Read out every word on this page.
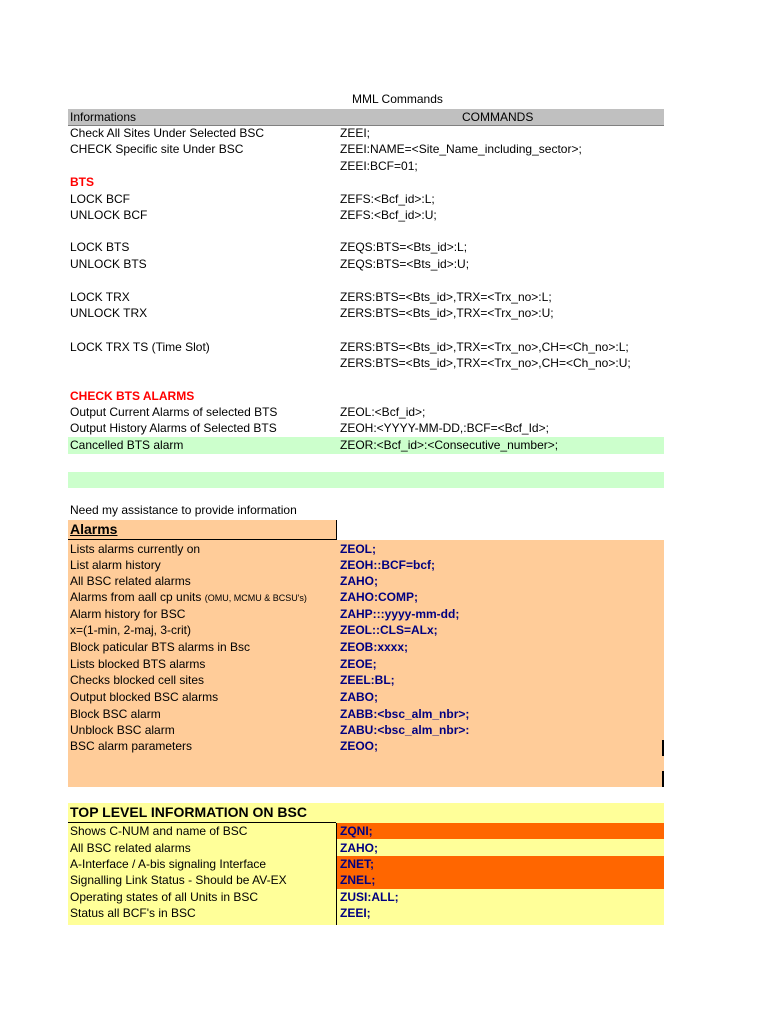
MML Commands
Informations	COMMANDS
Check All Sites Under Selected BSC	ZEEI;
CHECK Specific site Under BSC	ZEEI:NAME=<Site_Name_including_sector>;
ZEEI:BCF=01;
BTS
LOCK BCF	ZEFS:<Bcf_id>:L;
UNLOCK BCF	ZEFS:<Bcf_id>:U;
LOCK BTS	ZEQS:BTS=<Bts_id>:L;
UNLOCK BTS	ZEQS:BTS=<Bts_id>:U;
LOCK TRX	ZERS:BTS=<Bts_id>,TRX=<Trx_no>:L;
UNLOCK TRX	ZERS:BTS=<Bts_id>,TRX=<Trx_no>:U;
LOCK TRX TS (Time Slot)	ZERS:BTS=<Bts_id>,TRX=<Trx_no>,CH=<Ch_no>:L;
ZERS:BTS=<Bts_id>,TRX=<Trx_no>,CH=<Ch_no>:U;
CHECK BTS ALARMS
Output Current Alarms of selected BTS	ZEOL:<Bcf_id>;
Output History Alarms of Selected BTS	ZEOH:<YYYY-MM-DD,:BCF=<Bcf_Id>;
Cancelled BTS alarm	ZEOR:<Bcf_id>:<Consecutive_number>;
Need my assistance to provide information
Alarms
Lists alarms currently on	ZEOL;
List alarm history	ZEOH::BCF=bcf;
All BSC related alarms	ZAHO;
Alarms from aall cp units (OMU, MCMU & BCSU's)	ZAHO:COMP;
Alarm history for BSC	ZAHP:::yyyy-mm-dd;
x=(1-min, 2-maj, 3-crit)	ZEOL::CLS=ALx;
Block paticular BTS alarms in Bsc	ZEOB:xxxx;
Lists blocked BTS alarms	ZEOE;
Checks blocked cell sites	ZEEL:BL;
Output blocked BSC alarms	ZABO;
Block BSC alarm	ZABB:<bsc_alm_nbr>;
Unblock BSC alarm	ZABU:<bsc_alm_nbr>:
BSC alarm parameters	ZEOO;
TOP LEVEL INFORMATION ON BSC
Shows C-NUM and name of BSC	ZQNI;
All BSC related alarms	ZAHO;
A-Interface / A-bis signaling Interface	ZNET;
Signalling Link Status - Should be AV-EX	ZNEL;
Operating states of all Units in BSC	ZUSI:ALL;
Status all BCF's in BSC	ZEEI;
